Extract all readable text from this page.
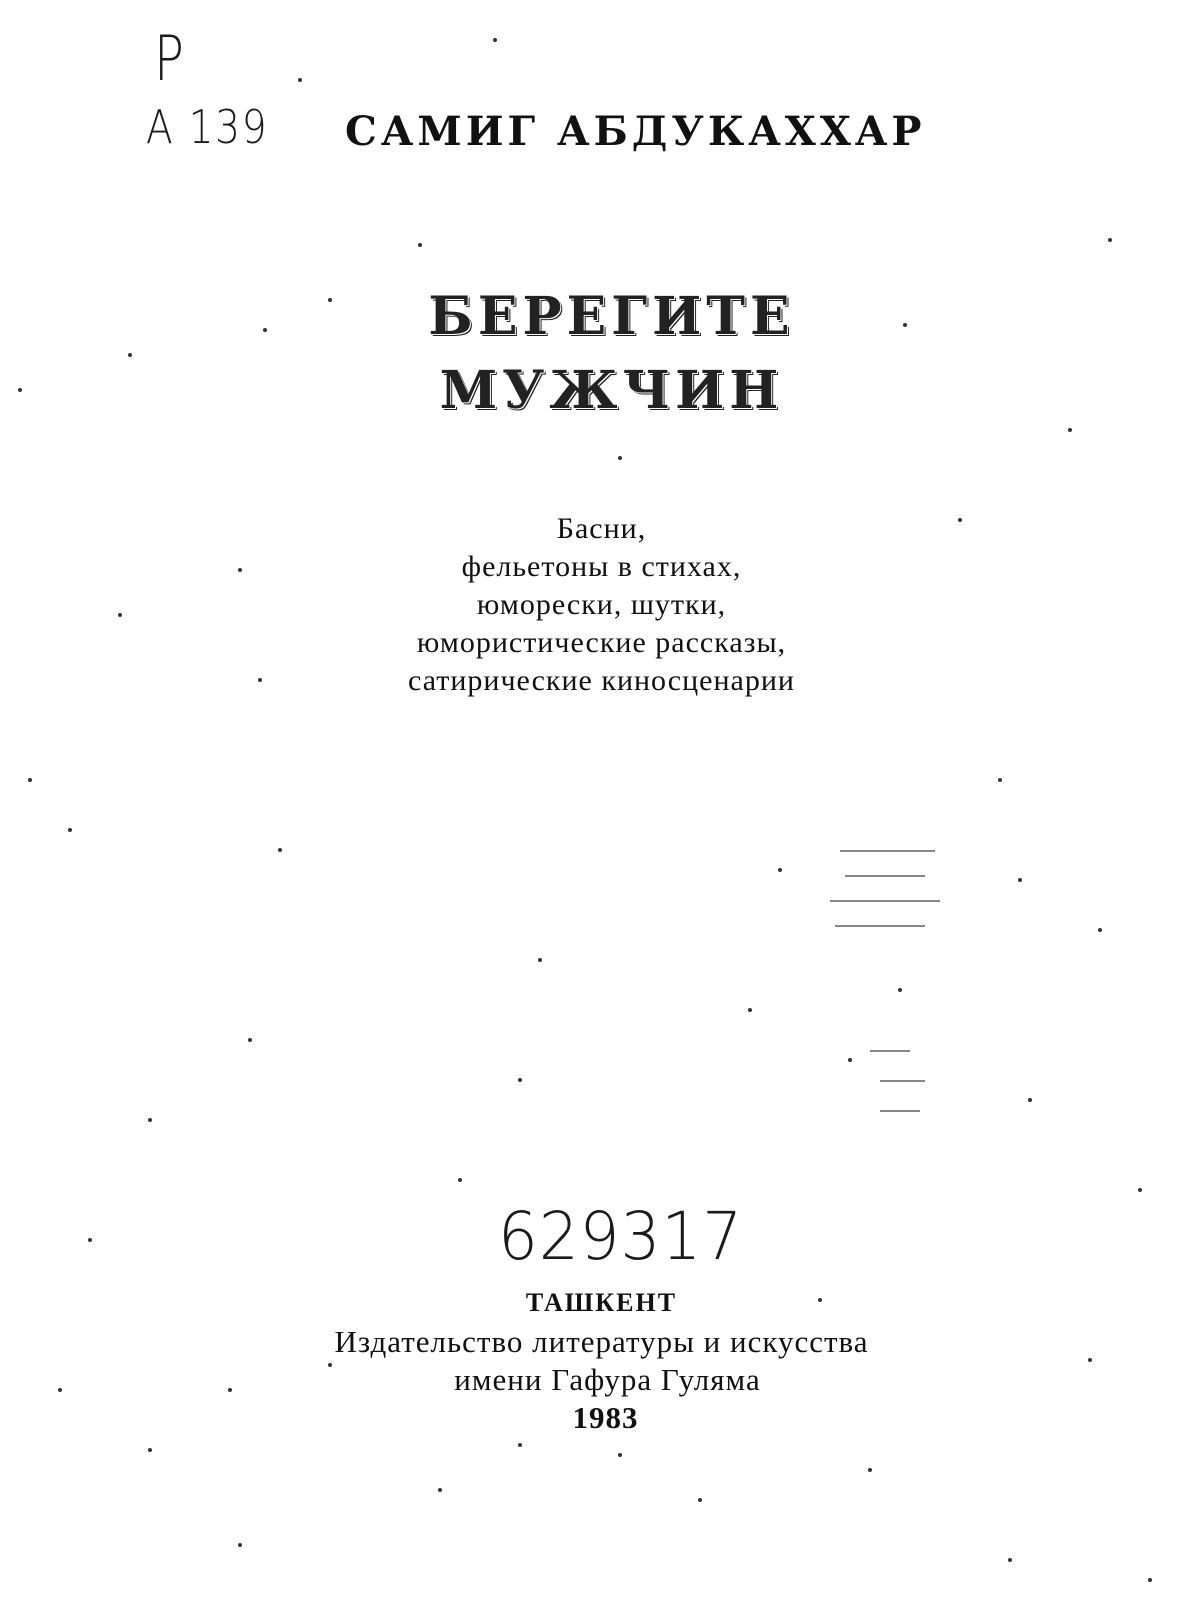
P
A 139 САМИГ АБДУКАХХАР
БЕРЕГИТЕ
МУЖЧИН
Басни,
фельетоны в стихах,
юморески, шутки,
юмористические рассказы,
сатирические киносценарии
629317
ТАШКЕНТ
Издательство литературы и искусства
имени Гафура Гуляма
1983
